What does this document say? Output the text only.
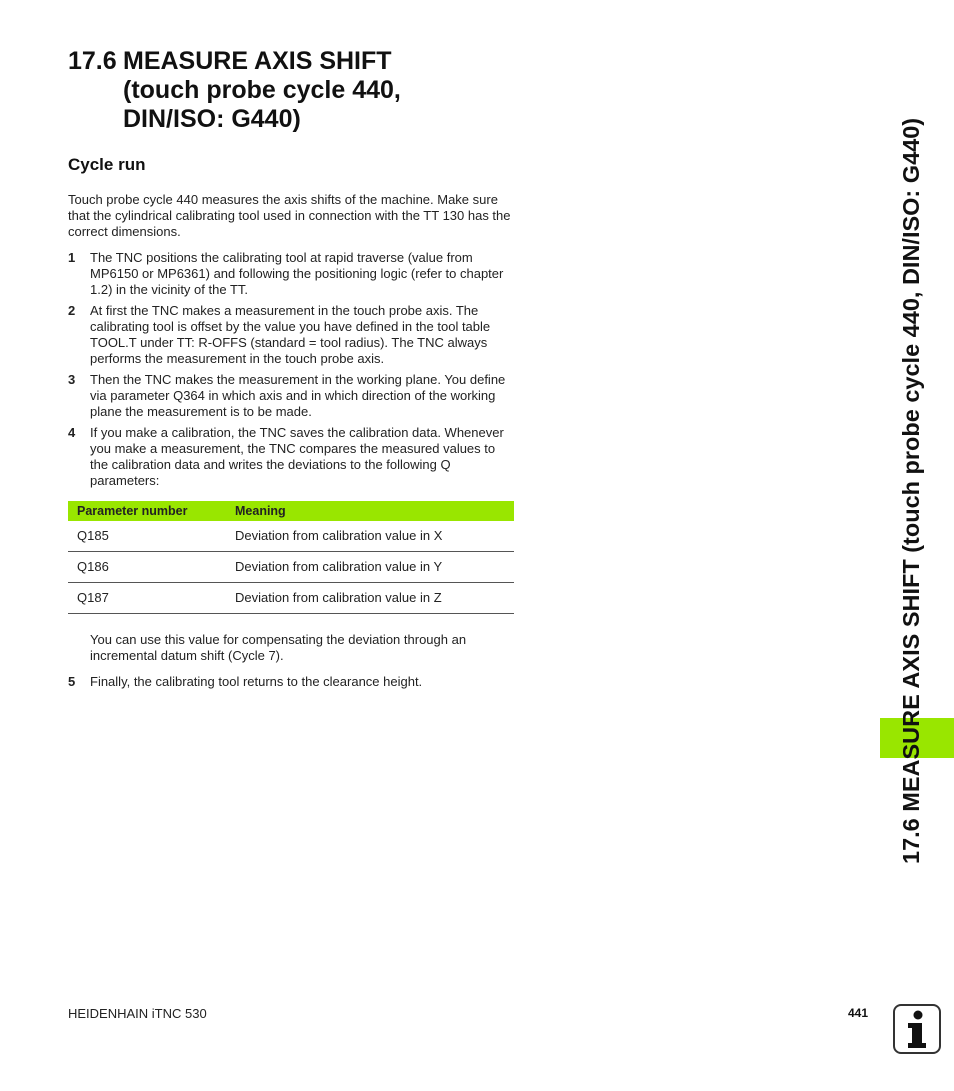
17.6 MEASURE AXIS SHIFT
(touch probe cycle 440,
DIN/ISO: G440)
Cycle run

Touch probe cycle 440 measures the axis shifts of the machine. Make sure that the cylindrical calibrating tool used in connection with the TT 130 has the correct dimensions.

1 The TNC positions the calibrating tool at rapid traverse (value from MP6150 or MP6361) and following the positioning logic (refer to chapter 1.2) in the vicinity of the TT.
2 At first the TNC makes a measurement in the touch probe axis. The calibrating tool is offset by the value you have defined in the tool table TOOL.T under TT: R-OFFS (standard = tool radius). The TNC always performs the measurement in the touch probe axis.
3 Then the TNC makes the measurement in the working plane. You define via parameter Q364 in which axis and in which direction of the working plane the measurement is to be made.
4 If you make a calibration, the TNC saves the calibration data. Whenever you make a measurement, the TNC compares the measured values to the calibration data and writes the deviations to the following Q parameters:
Parameter number	Meaning
Q185	Deviation from calibration value in X
Q186	Deviation from calibration value in Y
Q187	Deviation from calibration value in Z

You can use this value for compensating the deviation through an incremental datum shift (Cycle 7).

5 Finally, the calibrating tool returns to the clearance height.	17.6 MEASURE AXIS SHIFT (touch probe cycle 440, DIN/ISO: G440)
HEIDENHAIN iTNC 530	441
